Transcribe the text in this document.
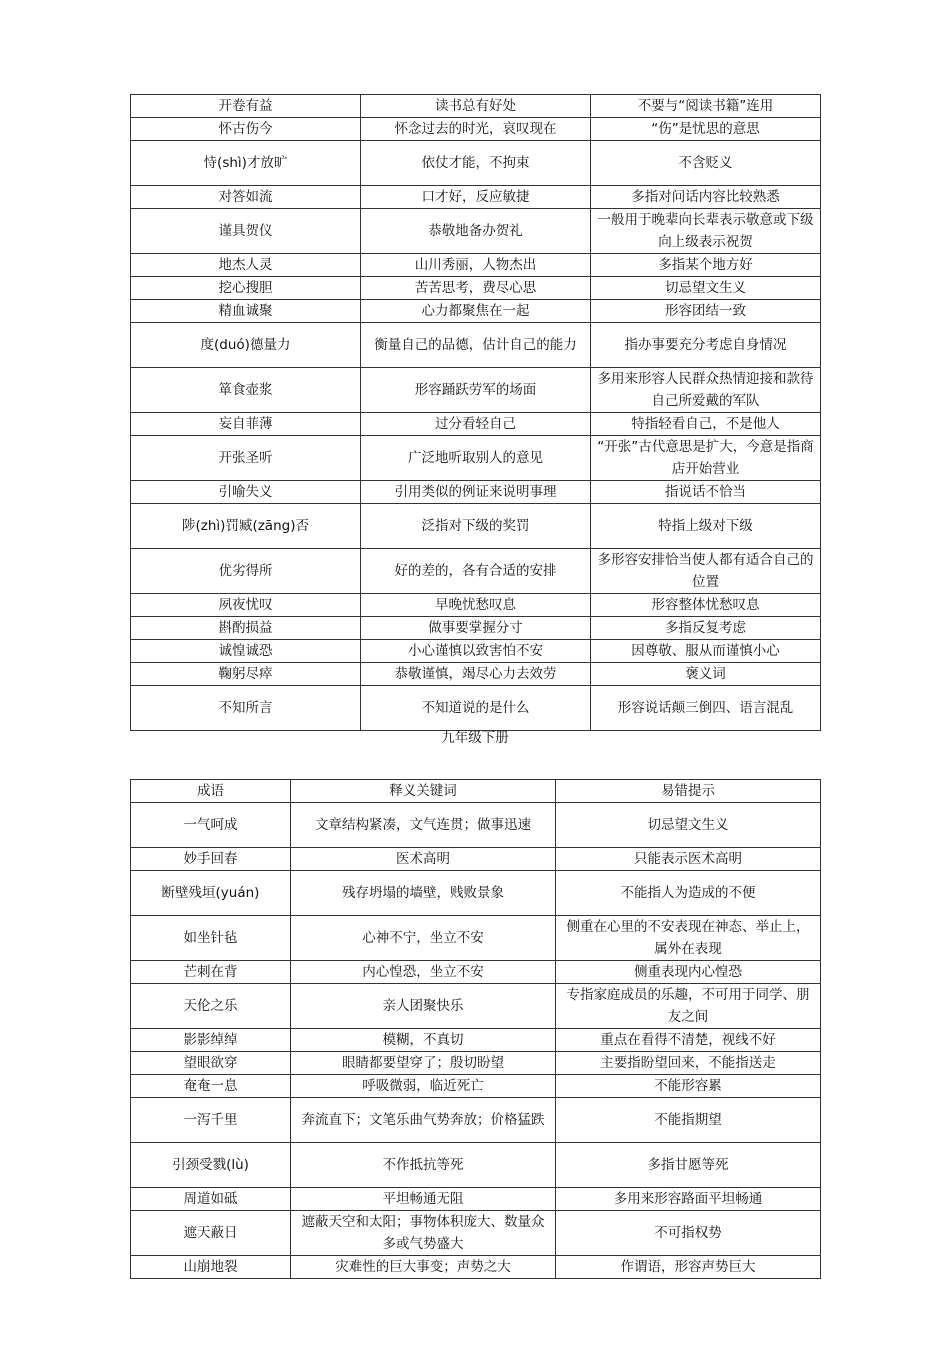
开卷有益	读书总有好处	不要与“阅读书籍”连用
怀古伤今	怀念过去的时光，哀叹现在	“伤”是忧思的意思
恃(shì)才放旷	依仗才能，不拘束	不含贬义
对答如流	口才好，反应敏捷	多指对问话内容比较熟悉
谨具贺仪	恭敬地备办贺礼	一般用于晚辈向长辈表示敬意或下级向上级表示祝贺
地杰人灵	山川秀丽，人物杰出	多指某个地方好
挖心搜胆	苦苦思考，费尽心思	切忌望文生义
精血诚聚	心力都聚焦在一起	形容团结一致
度(duó)德量力	衡量自己的品德，估计自己的能力	指办事要充分考虑自身情况
箪食壶浆	形容踊跃劳军的场面	多用来形容人民群众热情迎接和款待自己所爱戴的军队
妄自菲薄	过分看轻自己	特指轻看自己，不是他人
开张圣听	广泛地听取别人的意见	“开张”古代意思是扩大，今意是指商店开始营业
引喻失义	引用类似的例证来说明事理	指说话不恰当
陟(zhì)罚臧(zāng)否	泛指对下级的奖罚	特指上级对下级
优劣得所	好的差的，各有合适的安排	多形容安排恰当使人都有适合自己的位置
夙夜忧叹	早晚忧愁叹息	形容整体忧愁叹息
斟酌损益	做事要掌握分寸	多指反复考虑
诚惶诚恐	小心谨慎以致害怕不安	因尊敬、服从而谨慎小心
鞠躬尽瘁	恭敬谨慎，竭尽心力去效劳	褒义词
不知所言	不知道说的是什么	形容说话颠三倒四、语言混乱
九年级下册
成语	释义关键词	易错提示
一气呵成	文章结构紧凑，文气连贯；做事迅速	切忌望文生义
妙手回春	医术高明	只能表示医术高明
断壁残垣(yuán)	残存坍塌的墙壁，贱败景象	不能指人为造成的不便
如坐针毡	心神不宁，坐立不安	侧重在心里的不安表现在神态、举止上，属外在表现
芒刺在背	内心惶恐，坐立不安	侧重表现内心惶恐
天伦之乐	亲人团聚快乐	专指家庭成员的乐趣，不可用于同学、朋友之间
影影绰绰	模糊，不真切	重点在看得不清楚，视线不好
望眼欲穿	眼睛都要望穿了；殷切盼望	主要指盼望回来，不能指送走
奄奄一息	呼吸微弱，临近死亡	不能形容累
一泻千里	奔流直下；文笔乐曲气势奔放；价格猛跌	不能指期望
引颈受戮(lù)	不作抵抗等死	多指甘愿等死
周道如砥	平坦畅通无阻	多用来形容路面平坦畅通
遮天蔽日	遮蔽天空和太阳；事物体积庞大、数量众多或气势盛大	不可指权势
山崩地裂	灾难性的巨大事变；声势之大	作谓语，形容声势巨大
